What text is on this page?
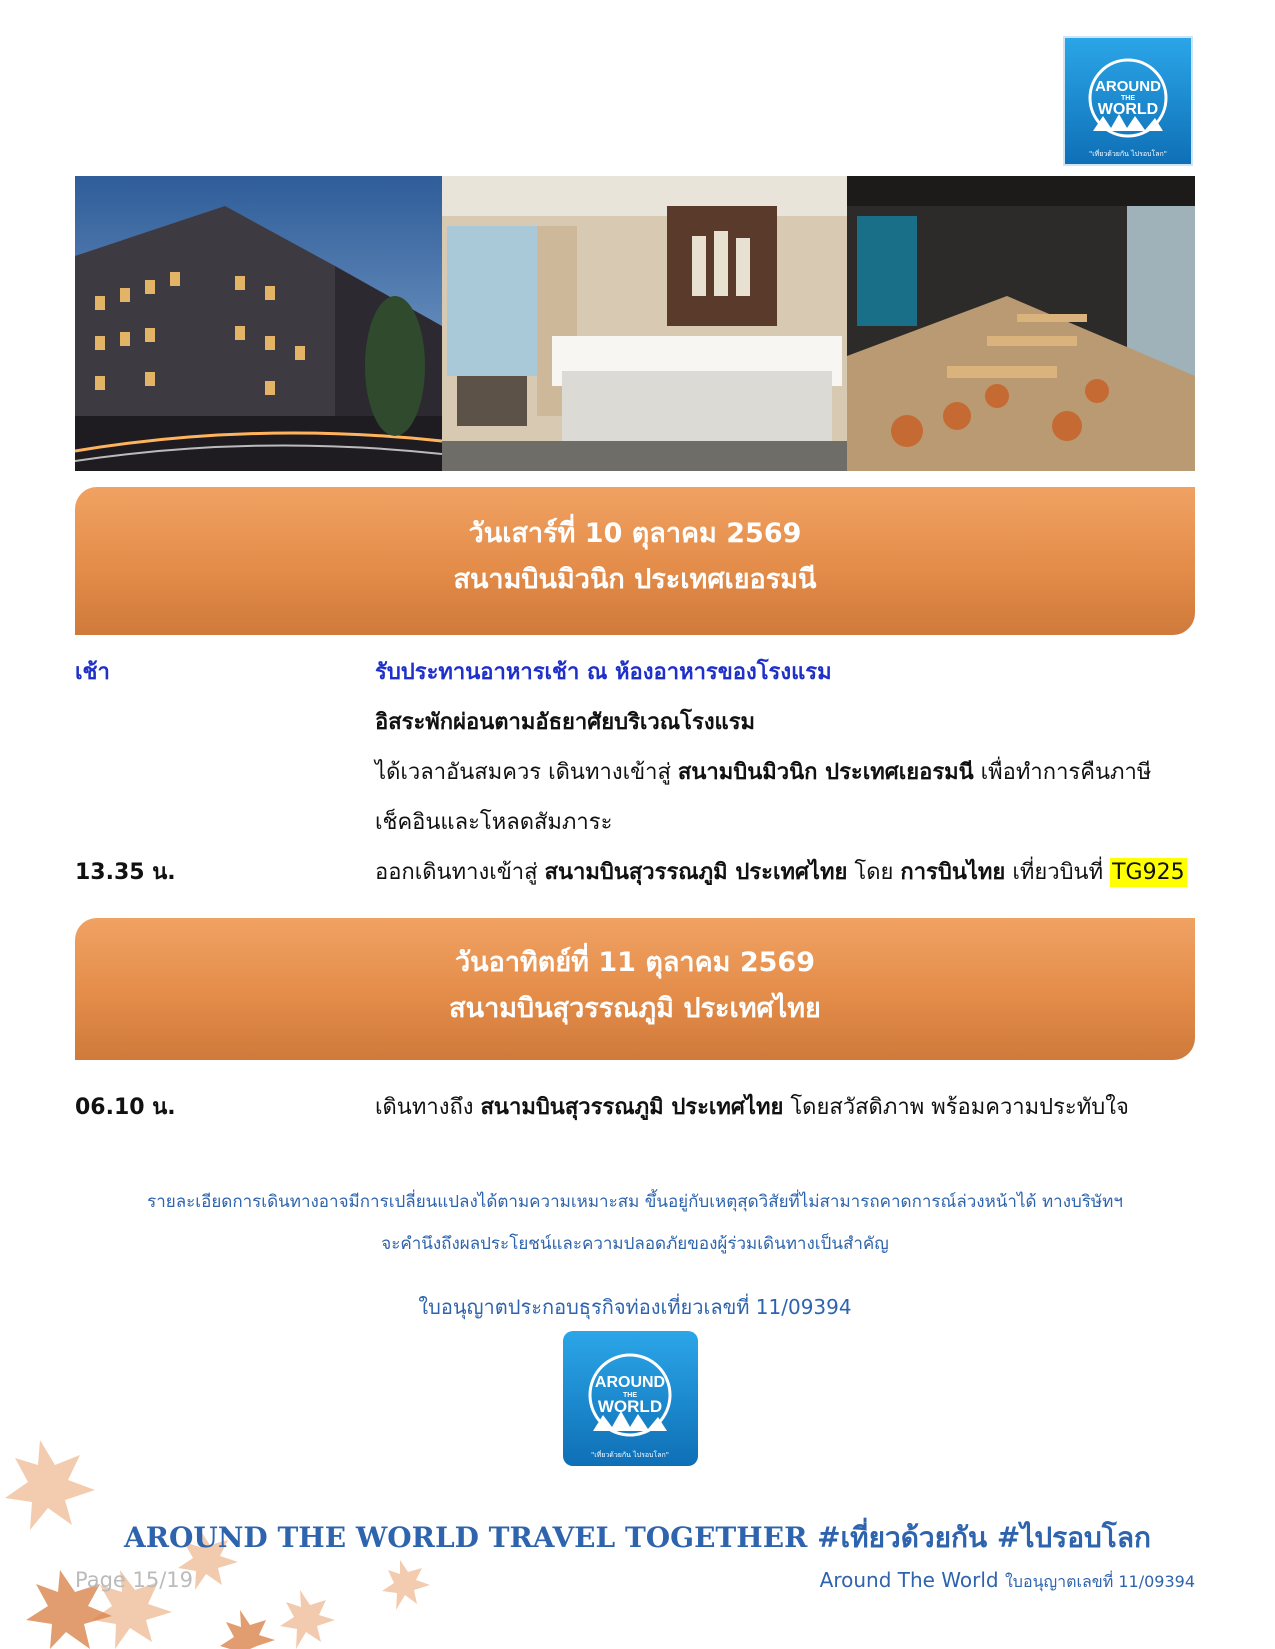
AROUND
THE
WORLD
"เที่ยวด้วยกัน ไปรอบโลก"
วันเสาร์ที่ 10 ตุลาคม 2569
สนามบินมิวนิก ประเทศเยอรมนี
เช้า	รับประทานอาหารเช้า ณ ห้องอาหารของโรงแรม
อิสระพักผ่อนตามอัธยาศัยบริเวณโรงแรม
ได้เวลาอันสมควร เดินทางเข้าสู่ สนามบินมิวนิก ประเทศเยอรมนี เพื่อทำการคืนภาษี
เช็คอินและโหลดสัมภาระ
13.35 น.	ออกเดินทางเข้าสู่ สนามบินสุวรรณภูมิ ประเทศไทย โดย การบินไทย เที่ยวบินที่ TG925
วันอาทิตย์ที่ 11 ตุลาคม 2569
สนามบินสุวรรณภูมิ ประเทศไทย
06.10 น.	เดินทางถึง สนามบินสุวรรณภูมิ ประเทศไทย โดยสวัสดิภาพ พร้อมความประทับใจ
รายละเอียดการเดินทางอาจมีการเปลี่ยนแปลงได้ตามความเหมาะสม ขึ้นอยู่กับเหตุสุดวิสัยที่ไม่สามารถคาดการณ์ล่วงหน้าได้ ทางบริษัทฯ
จะคำนึงถึงผลประโยชน์และความปลอดภัยของผู้ร่วมเดินทางเป็นสำคัญ
ใบอนุญาตประกอบธุรกิจท่องเที่ยวเลขที่ 11/09394
AROUND
THE
WORLD
"เที่ยวด้วยกัน ไปรอบโลก"
AROUND THE WORLD TRAVEL TOGETHER #เที่ยวด้วยกัน #ไปรอบโลก
Page 15/19	Around The World ใบอนุญาตเลขที่ 11/09394
